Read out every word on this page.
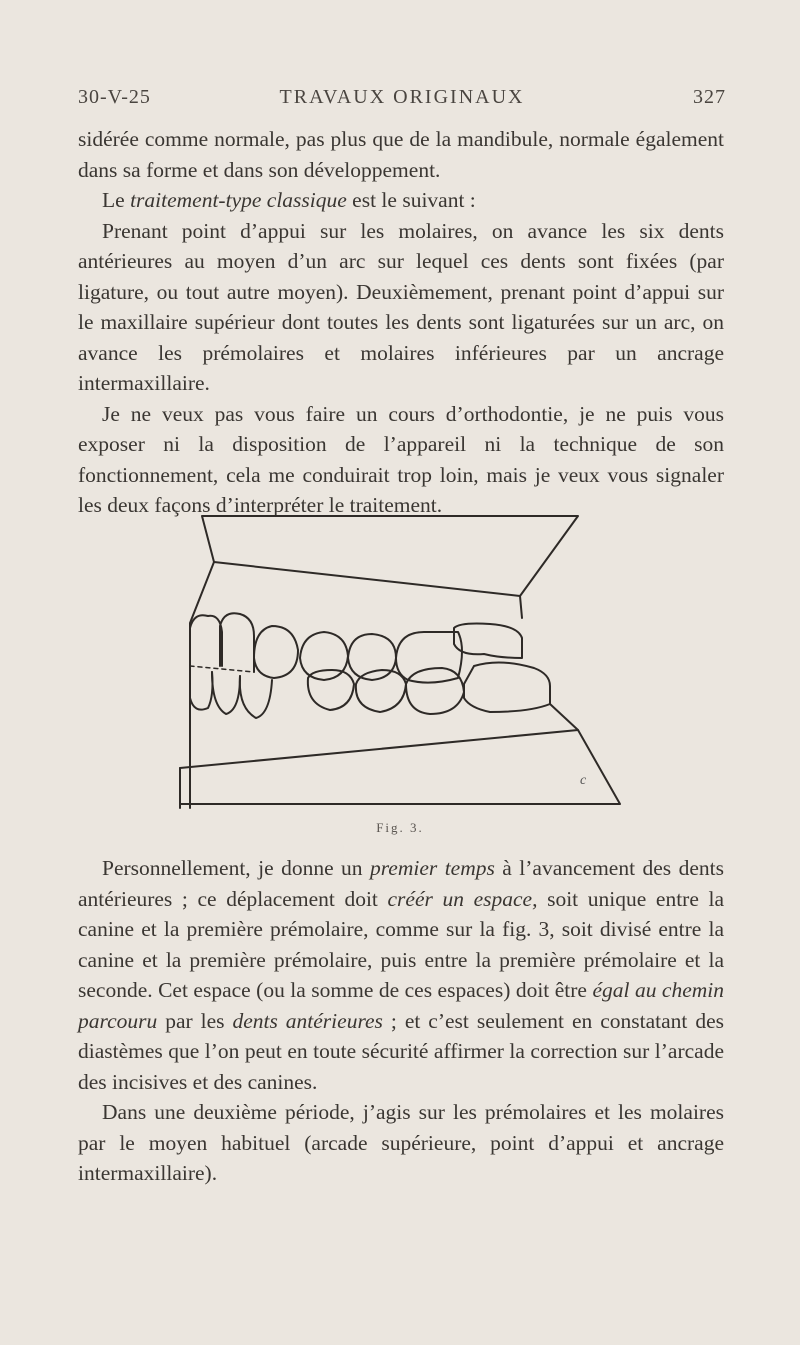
30-V-25	TRAVAUX ORIGINAUX	327

sidérée comme normale, pas plus que de la mandibule, normale également dans sa forme et dans son développement.

Le traitement-type classique est le suivant :

Prenant point d’appui sur les molaires, on avance les six dents antérieures au moyen d’un arc sur lequel ces dents sont fixées (par ligature, ou tout autre moyen). Deuxièmement, prenant point d’appui sur le maxillaire supérieur dont toutes les dents sont ligaturées sur un arc, on avance les prémolaires et molaires inférieures par un ancrage intermaxillaire.

Je ne veux pas vous faire un cours d’orthodontie, je ne puis vous exposer ni la disposition de l’appareil ni la technique de son fonctionnement, cela me conduirait trop loin, mais je veux vous signaler les deux façons d’interpréter le traitement.

c
Fig. 3.

Personnellement, je donne un premier temps à l’avancement des dents antérieures ; ce déplacement doit créér un espace, soit unique entre la canine et la première prémolaire, comme sur la fig. 3, soit divisé entre la canine et la première prémolaire, puis entre la première prémolaire et la seconde. Cet espace (ou la somme de ces espaces) doit être égal au chemin parcouru par les dents antérieures ; et c’est seulement en constatant des diastèmes que l’on peut en toute sécurité affirmer la correction sur l’arcade des incisives et des canines.

Dans une deuxième période, j’agis sur les prémolaires et les molaires par le moyen habituel (arcade supérieure, point d’appui et ancrage intermaxillaire).
